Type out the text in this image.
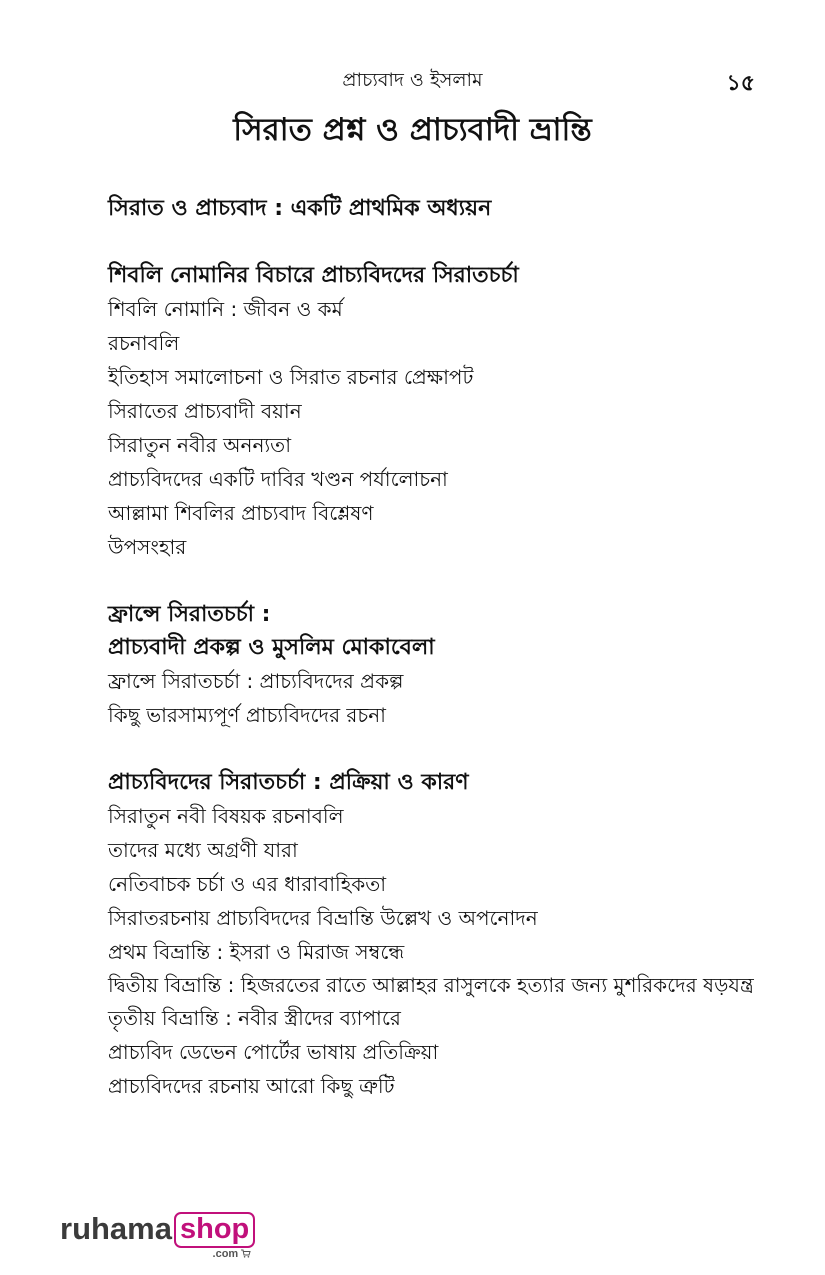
প্রাচ্যবাদ ও ইসলাম	১৫
সিরাত প্রশ্ন ও প্রাচ্যবাদী ভ্রান্তি
সিরাত ও প্রাচ্যবাদ : একটি প্রাথমিক অধ্যয়ন
শিবলি নোমানির বিচারে প্রাচ্যবিদদের সিরাতচর্চা
শিবলি নোমানি : জীবন ও কর্ম
রচনাবলি
ইতিহাস সমালোচনা ও সিরাত রচনার প্রেক্ষাপট
সিরাতের প্রাচ্যবাদী বয়ান
সিরাতুন নবীর অনন্যতা
প্রাচ্যবিদদের একটি দাবির খণ্ডন পর্যালোচনা
আল্লামা শিবলির প্রাচ্যবাদ বিশ্লেষণ
উপসংহার
ফ্রান্সে সিরাতচর্চা :
প্রাচ্যবাদী প্রকল্প ও মুসলিম মোকাবেলা
ফ্রান্সে সিরাতচর্চা : প্রাচ্যবিদদের প্রকল্প
কিছু ভারসাম্যপূর্ণ প্রাচ্যবিদদের রচনা
প্রাচ্যবিদদের সিরাতচর্চা : প্রক্রিয়া ও কারণ
সিরাতুন নবী বিষয়ক রচনাবলি
তাদের মধ্যে অগ্রণী যারা
নেতিবাচক চর্চা ও এর ধারাবাহিকতা
সিরাতরচনায় প্রাচ্যবিদদের বিভ্রান্তি উল্লেখ ও অপনোদন
প্রথম বিভ্রান্তি : ইসরা ও মিরাজ সম্বন্ধে
দ্বিতীয় বিভ্রান্তি : হিজরতের রাতে আল্লাহর রাসুলকে হত্যার জন্য মুশরিকদের ষড়যন্ত্র
তৃতীয় বিভ্রান্তি : নবীর স্ত্রীদের ব্যাপারে
প্রাচ্যবিদ ডেভেন পোর্টের ভাষায় প্রতিক্রিয়া
প্রাচ্যবিদদের রচনায় আরো কিছু ত্রুটি
ruhama shop
.com
